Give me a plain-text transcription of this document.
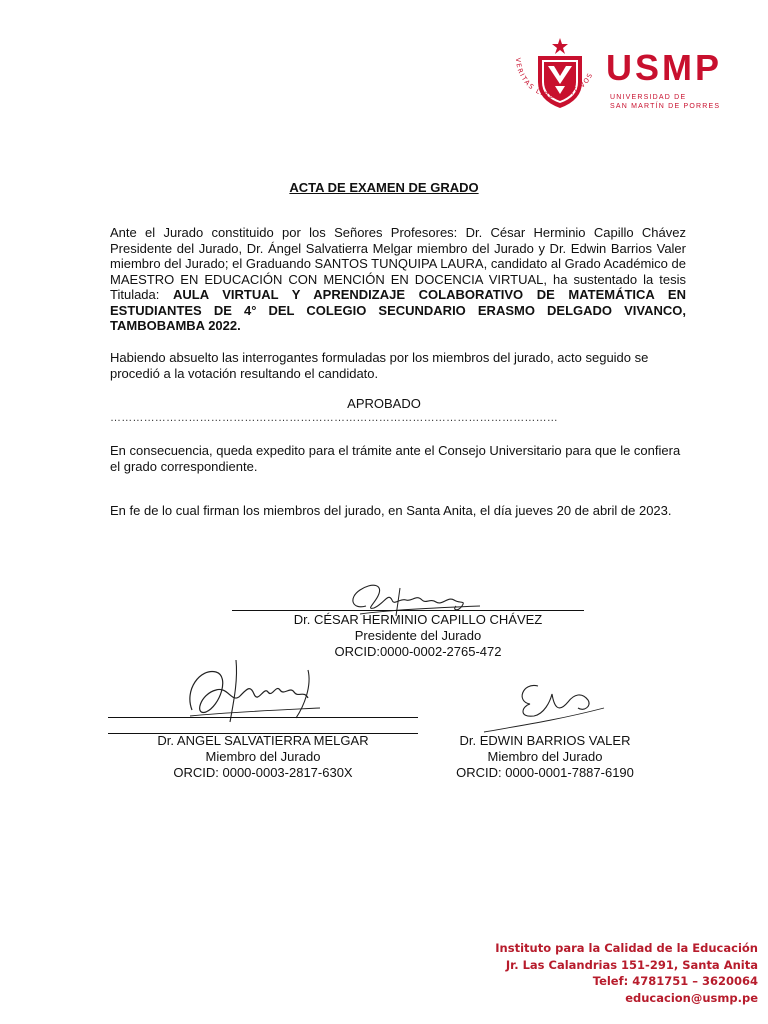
VERITAS LIBERABIT VOS USMP
UNIVERSIDAD DE
SAN MARTÍN DE PORRES
ACTA DE EXAMEN DE GRADO
Ante el Jurado constituido por los Señores Profesores: Dr. César Herminio Capillo Chávez Presidente del Jurado, Dr. Ángel Salvatierra Melgar miembro del Jurado y Dr. Edwin Barrios Valer miembro del Jurado; el Graduando SANTOS TUNQUIPA LAURA, candidato al Grado Académico de MAESTRO EN EDUCACIÓN CON MENCIÓN EN DOCENCIA VIRTUAL, ha sustentado la tesis Titulada: AULA VIRTUAL Y APRENDIZAJE COLABORATIVO DE MATEMÁTICA EN ESTUDIANTES DE 4° DEL COLEGIO SECUNDARIO ERASMO DELGADO VIVANCO, TAMBOBAMBA 2022.
Habiendo absuelto las interrogantes formuladas por los miembros del jurado, acto seguido se procedió a la votación resultando el candidato.
APROBADO
…………………………………………………………………………………………………………
En consecuencia, queda expedito para el trámite ante el Consejo Universitario para que le confiera el grado correspondiente.
En fe de lo cual firman los miembros del jurado, en Santa Anita, el día jueves 20 de abril de 2023.
Dr. CÉSAR HERMINIO CAPILLO CHÁVEZ
Presidente del Jurado
ORCID:0000-0002-2765-472
Dr. ANGEL SALVATIERRA MELGAR
Miembro del Jurado
ORCID: 0000-0003-2817-630X
Dr. EDWIN BARRIOS VALER
Miembro del Jurado
ORCID: 0000-0001-7887-6190
Instituto para la Calidad de la Educación
Jr. Las Calandrias 151-291, Santa Anita
Telef: 4781751 – 3620064
educacion@usmp.pe
